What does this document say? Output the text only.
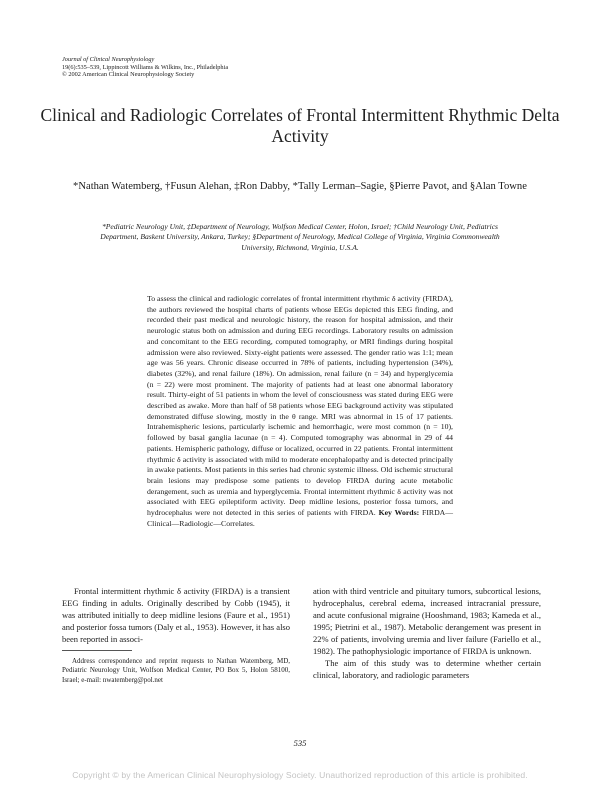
Journal of Clinical Neurophysiology
19(6):535–539, Lippincott Williams & Wilkins, Inc., Philadelphia
© 2002 American Clinical Neurophysiology Society
Clinical and Radiologic Correlates of Frontal Intermittent Rhythmic Delta Activity
*Nathan Watemberg, †Fusun Alehan, ‡Ron Dabby, *Tally Lerman–Sagie, §Pierre Pavot, and §Alan Towne
*Pediatric Neurology Unit, ‡Department of Neurology, Wolfson Medical Center, Holon, Israel; †Child Neurology Unit, Pediatrics Department, Baskent University, Ankara, Turkey; §Department of Neurology, Medical College of Virginia, Virginia Commonwealth University, Richmond, Virginia, U.S.A.
To assess the clinical and radiologic correlates of frontal intermittent rhythmic δ activity (FIRDA), the authors reviewed the hospital charts of patients whose EEGs depicted this EEG finding, and recorded their past medical and neurologic history, the reason for hospital admission, and their neurologic status both on admission and during EEG recordings. Laboratory results on admission and concomitant to the EEG recording, computed tomography, or MRI findings during hospital admission were also reviewed. Sixty-eight patients were assessed. The gender ratio was 1:1; mean age was 56 years. Chronic disease occurred in 78% of patients, including hypertension (34%), diabetes (32%), and renal failure (18%). On admission, renal failure (n = 34) and hyperglycemia (n = 22) were most prominent. The majority of patients had at least one abnormal laboratory result. Thirty-eight of 51 patients in whom the level of consciousness was stated during EEG were described as awake. More than half of 58 patients whose EEG background activity was stipulated demonstrated diffuse slowing, mostly in the θ range. MRI was abnormal in 15 of 17 patients. Intrahemispheric lesions, particularly ischemic and hemorrhagic, were most common (n = 10), followed by basal ganglia lacunae (n = 4). Computed tomography was abnormal in 29 of 44 patients. Hemispheric pathology, diffuse or localized, occurred in 22 patients. Frontal intermittent rhythmic δ activity is associated with mild to moderate encephalopathy and is detected principally in awake patients. Most patients in this series had chronic systemic illness. Old ischemic structural brain lesions may predispose some patients to develop FIRDA during acute metabolic derangement, such as uremia and hyperglycemia. Frontal intermittent rhythmic δ activity was not associated with EEG epileptiform activity. Deep midline lesions, posterior fossa tumors, and hydrocephalus were not detected in this series of patients with FIRDA. Key Words: FIRDA—Clinical—Radiologic—Correlates.

Frontal intermittent rhythmic δ activity (FIRDA) is a transient EEG finding in adults. Originally described by Cobb (1945), it was attributed initially to deep midline lesions (Faure et al., 1951) and posterior fossa tumors (Daly et al., 1953). However, it has also been reported in associ-

ation with third ventricle and pituitary tumors, subcortical lesions, hydrocephalus, cerebral edema, increased intracranial pressure, and acute confusional migraine (Hooshmand, 1983; Kameda et al., 1995; Pietrini et al., 1987). Metabolic derangement was present in 22% of patients, involving uremia and liver failure (Fariello et al., 1982). The pathophysiologic importance of FIRDA is unknown.

The aim of this study was to determine whether certain clinical, laboratory, and radiologic parameters

Address correspondence and reprint requests to Nathan Watemberg, MD, Pediatric Neurology Unit, Wolfson Medical Center, PO Box 5, Holon 58100, Israel; e-mail: nwatemberg@pol.net
535
Copyright © by the American Clinical Neurophysiology Society. Unauthorized reproduction of this article is prohibited.
